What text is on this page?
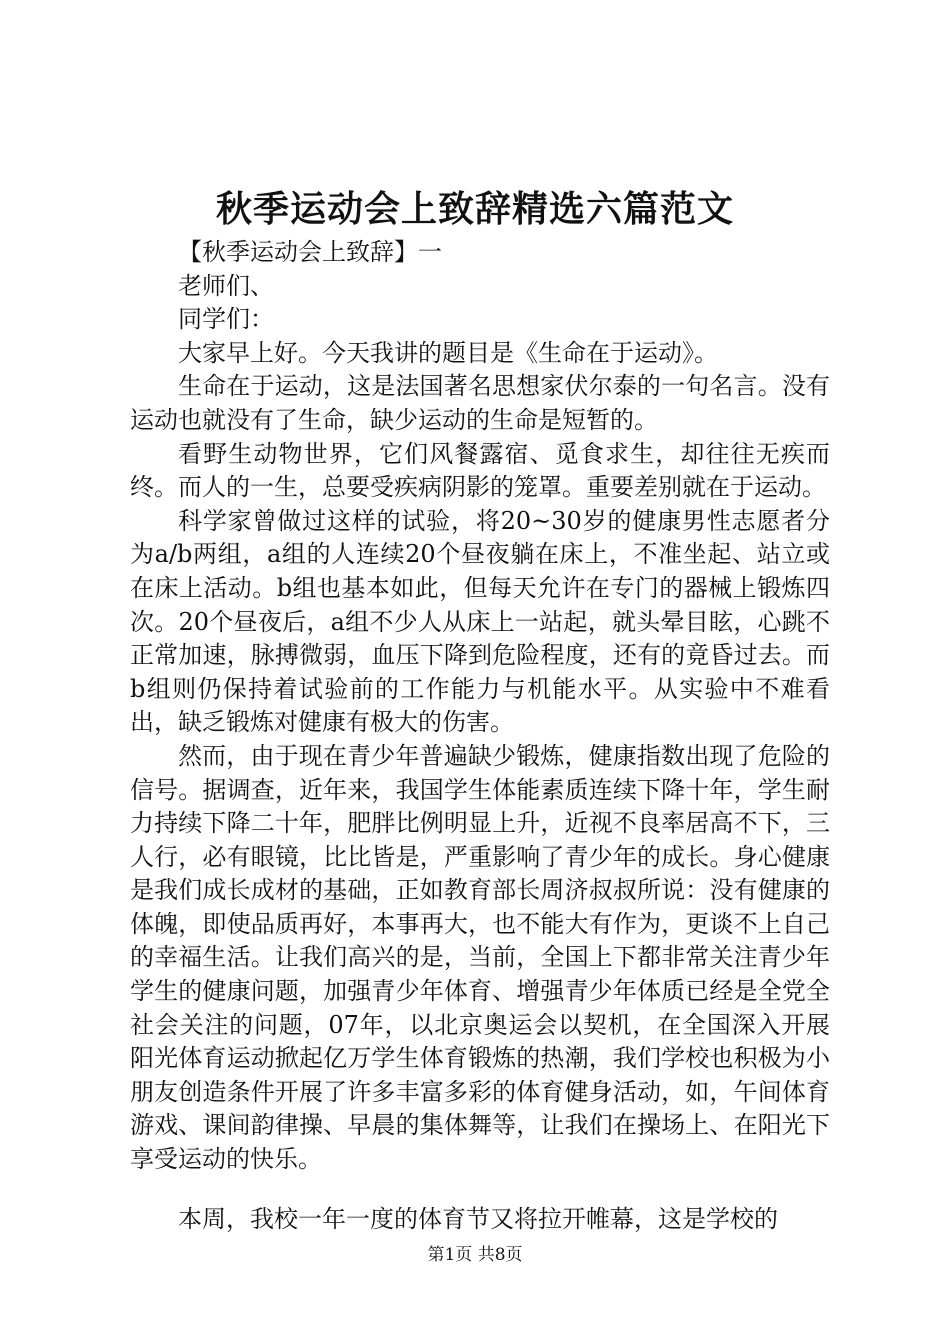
秋季运动会上致辞精选六篇范文

【秋季运动会上致辞】一

老师们、

同学们：

大家早上好。今天我讲的题目是《生命在于运动》。

生命在于运动，这是法国著名思想家伏尔泰的一句名言。没有运动也就没有了生命，缺少运动的生命是短暂的。

看野生动物世界，它们风餐露宿、觅食求生，却往往无疾而终。而人的一生，总要受疾病阴影的笼罩。重要差别就在于运动。

科学家曾做过这样的试验，将20~30岁的健康男性志愿者分为a/b两组，a组的人连续20个昼夜躺在床上，不准坐起、站立或在床上活动。b组也基本如此，但每天允许在专门的器械上锻炼四次。20个昼夜后，a组不少人从床上一站起，就头晕目眩，心跳不正常加速，脉搏微弱，血压下降到危险程度，还有的竟昏过去。而b组则仍保持着试验前的工作能力与机能水平。从实验中不难看出，缺乏锻炼对健康有极大的伤害。

然而，由于现在青少年普遍缺少锻炼，健康指数出现了危险的信号。据调查，近年来，我国学生体能素质连续下降十年，学生耐力持续下降二十年，肥胖比例明显上升，近视不良率居高不下，三人行，必有眼镜，比比皆是，严重影响了青少年的成长。身心健康是我们成长成材的基础，正如教育部长周济叔叔所说：没有健康的体魄，即使品质再好，本事再大，也不能大有作为，更谈不上自己的幸福生活。让我们高兴的是，当前，全国上下都非常关注青少年学生的健康问题，加强青少年体育、增强青少年体质已经是全党全社会关注的问题，07年，以北京奥运会以契机，在全国深入开展阳光体育运动掀起亿万学生体育锻炼的热潮，我们学校也积极为小朋友创造条件开展了许多丰富多彩的体育健身活动，如，午间体育游戏、课间韵律操、早晨的集体舞等，让我们在操场上、在阳光下享受运动的快乐。

本周，我校一年一度的体育节又将拉开帷幕，这是学校的

第1页 共8页
